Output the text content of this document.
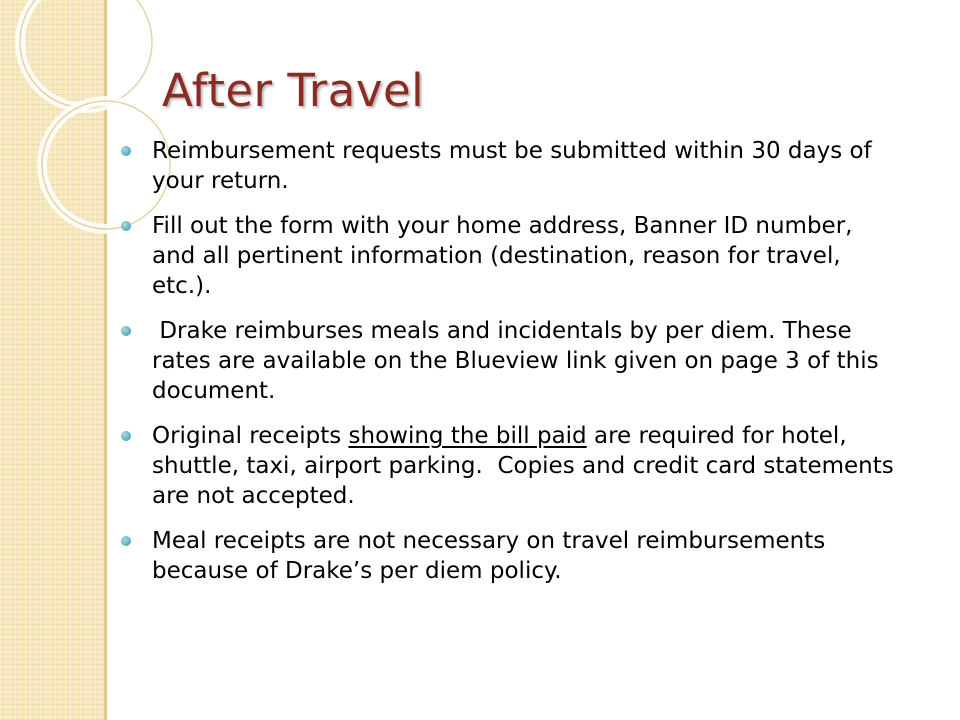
After Travel
Reimbursement requests must be submitted within 30 days of your return.
Fill out the form with your home address, Banner ID number, and all pertinent information (destination, reason for travel, etc.).
Drake reimburses meals and incidentals by per diem. These rates are available on the Blueview link given on page 3 of this document.
Original receipts showing the bill paid are required for hotel, shuttle, taxi, airport parking.  Copies and credit card statements are not accepted.
Meal receipts are not necessary on travel reimbursements because of Drake’s per diem policy.
